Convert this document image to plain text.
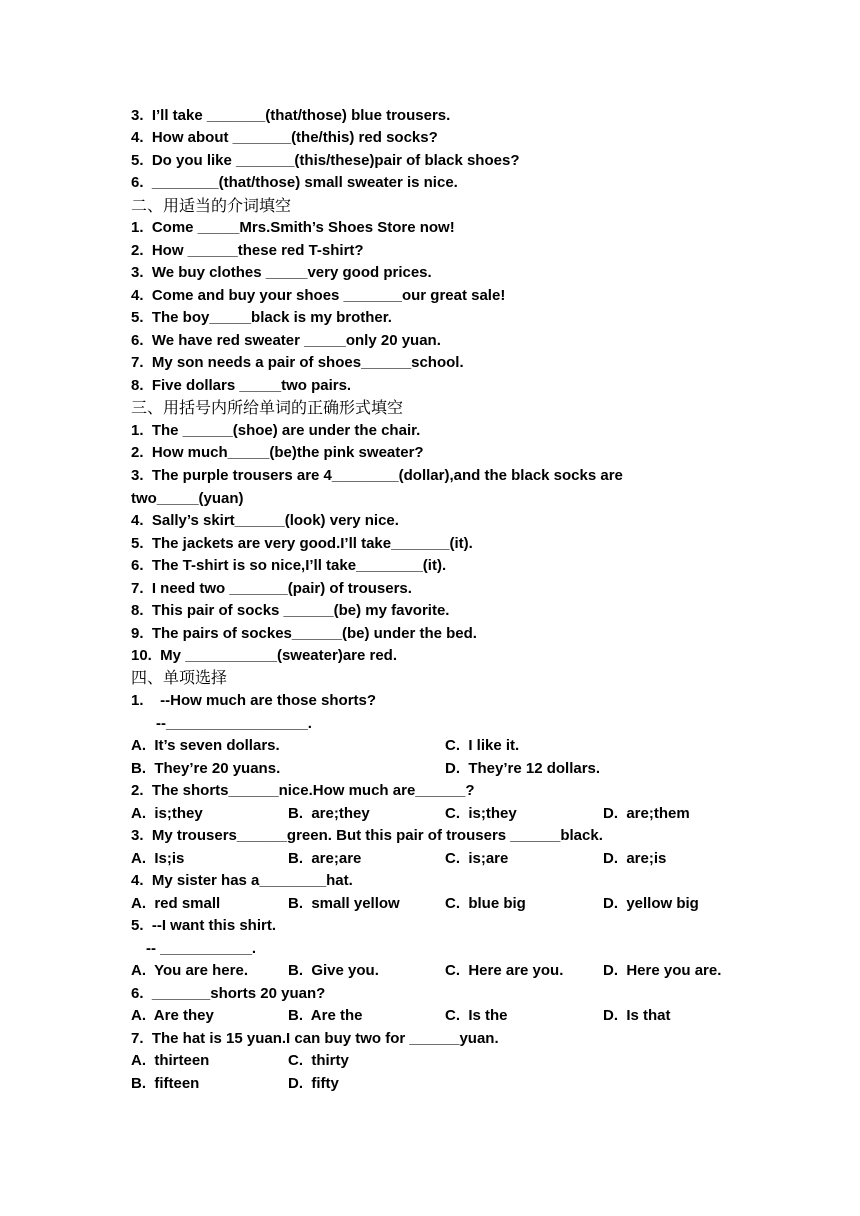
3.  I’ll take _______(that/those) blue trousers.
4.  How about _______(the/this) red socks?
5.  Do you like _______(this/these)pair of black shoes?
6.  ________(that/those) small sweater is nice.
二、用适当的介词填空
1.  Come _____Mrs.Smith’s Shoes Store now!
2.  How ______these red T-shirt?
3.  We buy clothes _____very good prices.
4.  Come and buy your shoes _______our great sale!
5.  The boy_____black is my brother.
6.  We have red sweater _____only 20 yuan.
7.  My son needs a pair of shoes______school.
8.  Five dollars _____two pairs.
三、用括号内所给单词的正确形式填空
1.  The ______(shoe) are under the chair.
2.  How much_____(be)the pink sweater?
3.  The purple trousers are 4________(dollar),and the black socks are
two_____(yuan)
4.  Sally’s skirt______(look) very nice.
5.  The jackets are very good.I’ll take_______(it).
6.  The T-shirt is so nice,I’ll take________(it).
7.  I need two _______(pair) of trousers.
8.  This pair of socks ______(be) my favorite.
9.  The pairs of sockes______(be) under the bed.
10.  My ___________(sweater)are red.
四、单项选择
1.    --How much are those shorts?
--_________________.
A.  It’s seven dollars.	C.  I like it.
B.  They’re 20 yuans.	D.  They’re 12 dollars.
2.  The shorts______nice.How much are______?
A.  is;they	B.  are;they	C.  is;they	D.  are;them
3.  My trousers______green. But this pair of trousers ______black.
A.  Is;is	B.  are;are	C.  is;are	D.  are;is
4.  My sister has a________hat.
A.  red small	B.  small yellow	C.  blue big	D.  yellow big
5.  --I want this shirt.
-- ___________.
A.  You are here.	B.  Give you.	C.  Here are you.	D.  Here you are.
6.  _______shorts 20 yuan?
A.  Are they	B.  Are the	C.  Is the	D.  Is that
7.  The hat is 15 yuan.I can buy two for ______yuan.
A.  thirteen	C.  thirty
B.  fifteen	D.  fifty
